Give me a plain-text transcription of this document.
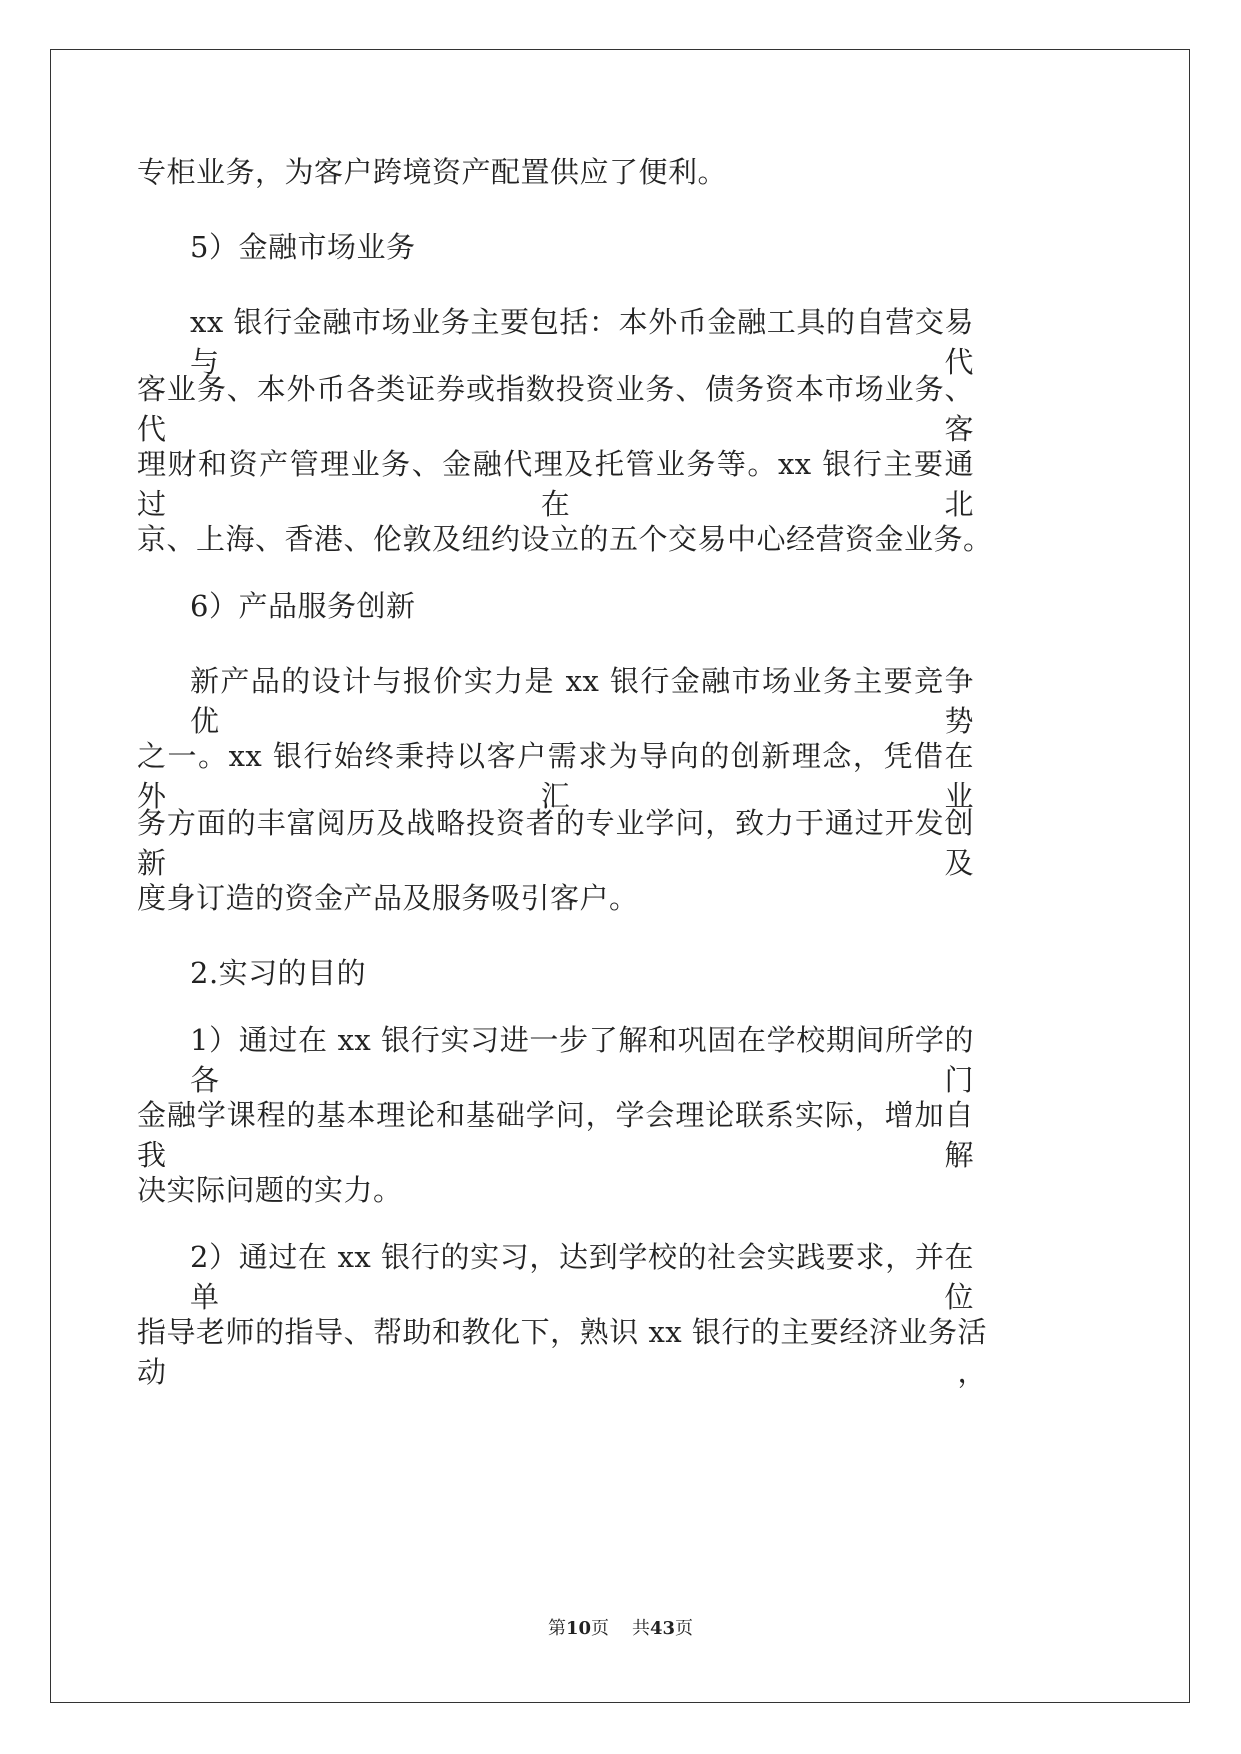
专柜业务，为客户跨境资产配置供应了便利。
5）金融市场业务
xx 银行金融市场业务主要包括：本外币金融工具的自营交易与代
客业务、本外币各类证券或指数投资业务、债务资本市场业务、代客
理财和资产管理业务、金融代理及托管业务等。xx 银行主要通过在北
京、上海、香港、伦敦及纽约设立的五个交易中心经营资金业务。
6）产品服务创新
新产品的设计与报价实力是 xx 银行金融市场业务主要竞争优势
之一。xx 银行始终秉持以客户需求为导向的创新理念，凭借在外汇业
务方面的丰富阅历及战略投资者的专业学问，致力于通过开发创新及
度身订造的资金产品及服务吸引客户。
2.实习的目的
1）通过在 xx 银行实习进一步了解和巩固在学校期间所学的各门
金融学课程的基本理论和基础学问，学会理论联系实际，增加自我解
决实际问题的实力。
2）通过在 xx 银行的实习，达到学校的社会实践要求，并在单位
指导老师的指导、帮助和教化下，熟识 xx 银行的主要经济业务活动，
第10页 共43页
